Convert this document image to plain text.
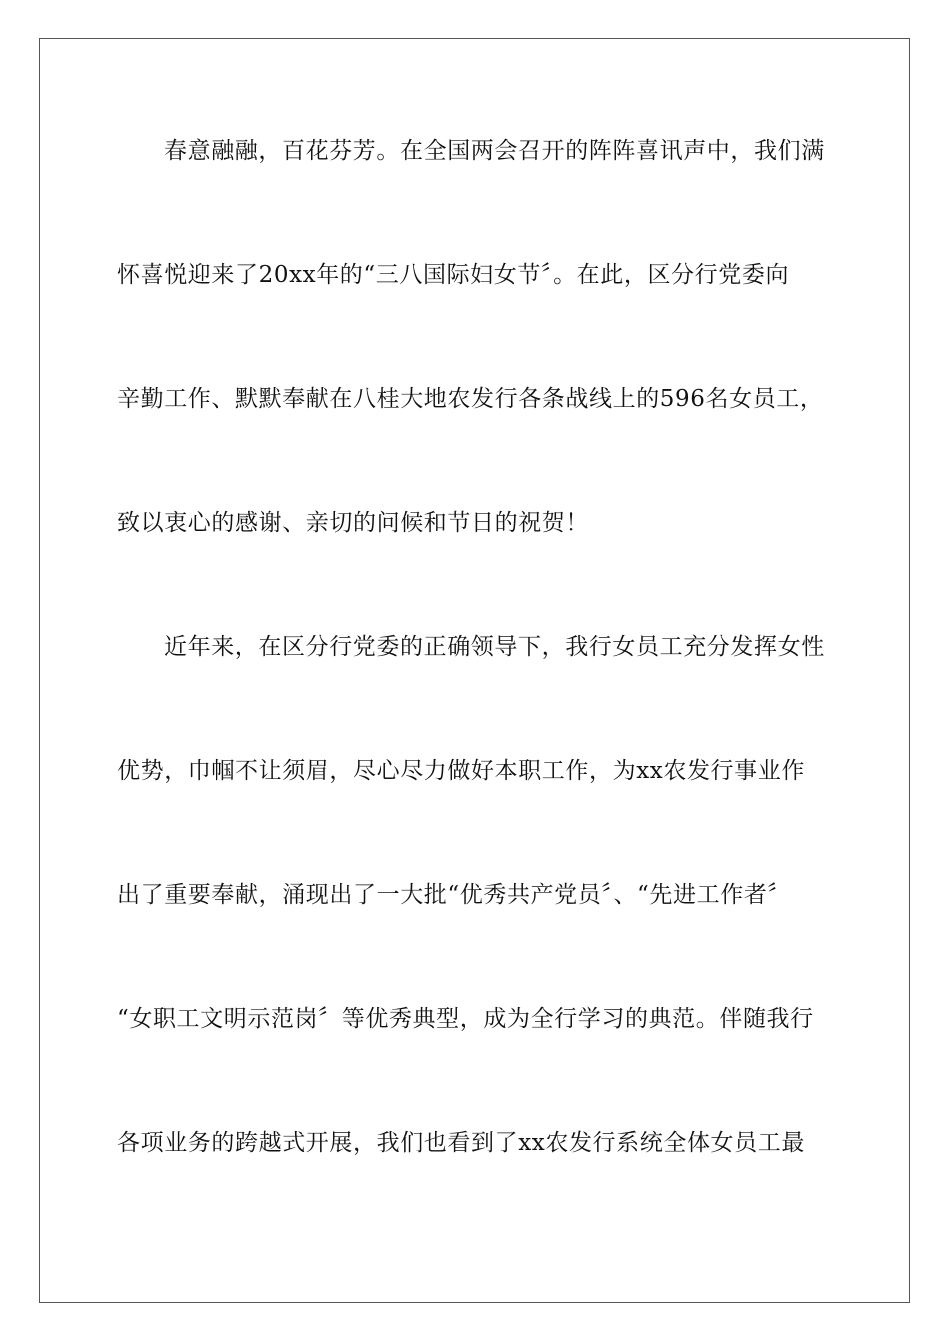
春意融融，百花芬芳。在全国两会召开的阵阵喜讯声中，我们满
怀喜悦迎来了20xx年的“三八国际妇女节〞。在此，区分行党委向
辛勤工作、默默奉献在八桂大地农发行各条战线上的596名女员工，
致以衷心的感谢、亲切的问候和节日的祝贺！
近年来，在区分行党委的正确领导下，我行女员工充分发挥女性
优势，巾帼不让须眉，尽心尽力做好本职工作，为xx农发行事业作
出了重要奉献，涌现出了一大批“优秀共产党员〞、“先进工作者〞
“女职工文明示范岗〞等优秀典型，成为全行学习的典范。伴随我行
各项业务的跨越式开展，我们也看到了xx农发行系统全体女员工最
